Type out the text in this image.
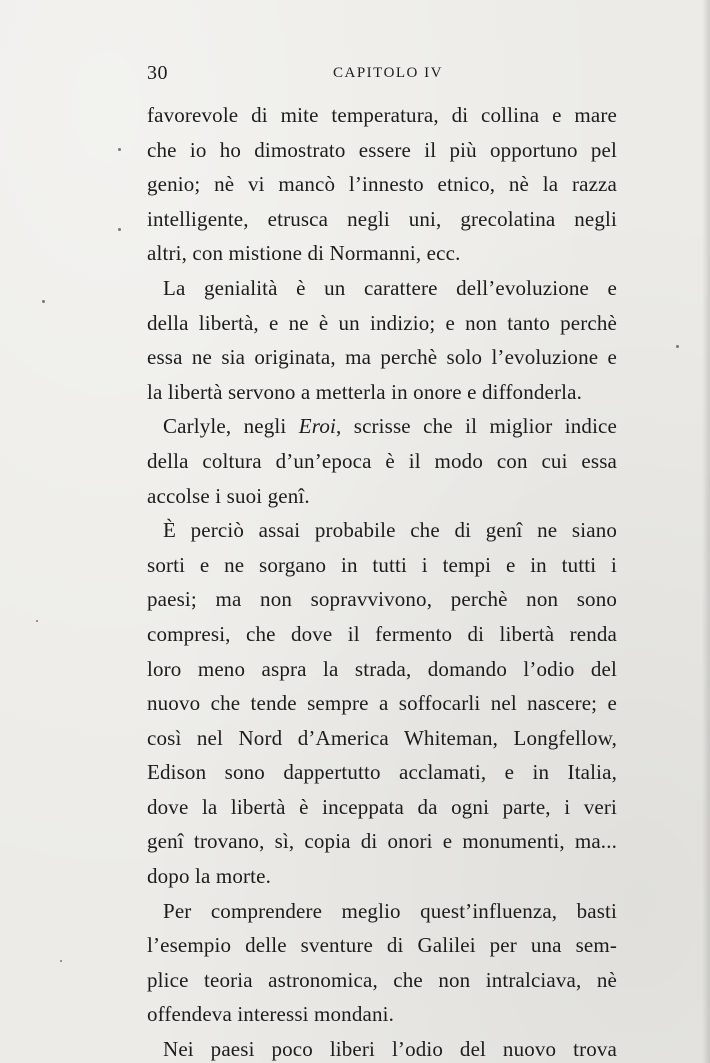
30	CAPITOLO IV
favorevole di mite temperatura, di collina e mare
che io ho dimostrato essere il più opportuno pel
genio; nè vi mancò l’innesto etnico, nè la razza
intelligente, etrusca negli uni, grecolatina negli
altri, con mistione di Normanni, ecc.
La genialità è un carattere dell’evoluzione e
della libertà, e ne è un indizio; e non tanto perchè
essa ne sia originata, ma perchè solo l’evoluzione e
la libertà servono a metterla in onore e diffonderla.
Carlyle, negli Eroi, scrisse che il miglior indice
della coltura d’un’epoca è il modo con cui essa
accolse i suoi genî.
È perciò assai probabile che di genî ne siano
sorti e ne sorgano in tutti i tempi e in tutti i
paesi; ma non sopravvivono, perchè non sono
compresi, che dove il fermento di libertà renda
loro meno aspra la strada, domando l’odio del
nuovo che tende sempre a soffocarli nel nascere; e
così nel Nord d’America Whiteman, Longfellow,
Edison sono dappertutto acclamati, e in Italia,
dove la libertà è inceppata da ogni parte, i veri
genî trovano, sì, copia di onori e monumenti, ma...
dopo la morte.
Per comprendere meglio quest’influenza, basti
l’esempio delle sventure di Galilei per una sem-
plice teoria astronomica, che non intralciava, nè
offendeva interessi mondani.
Nei paesi poco liberi l’odio del nuovo trova
